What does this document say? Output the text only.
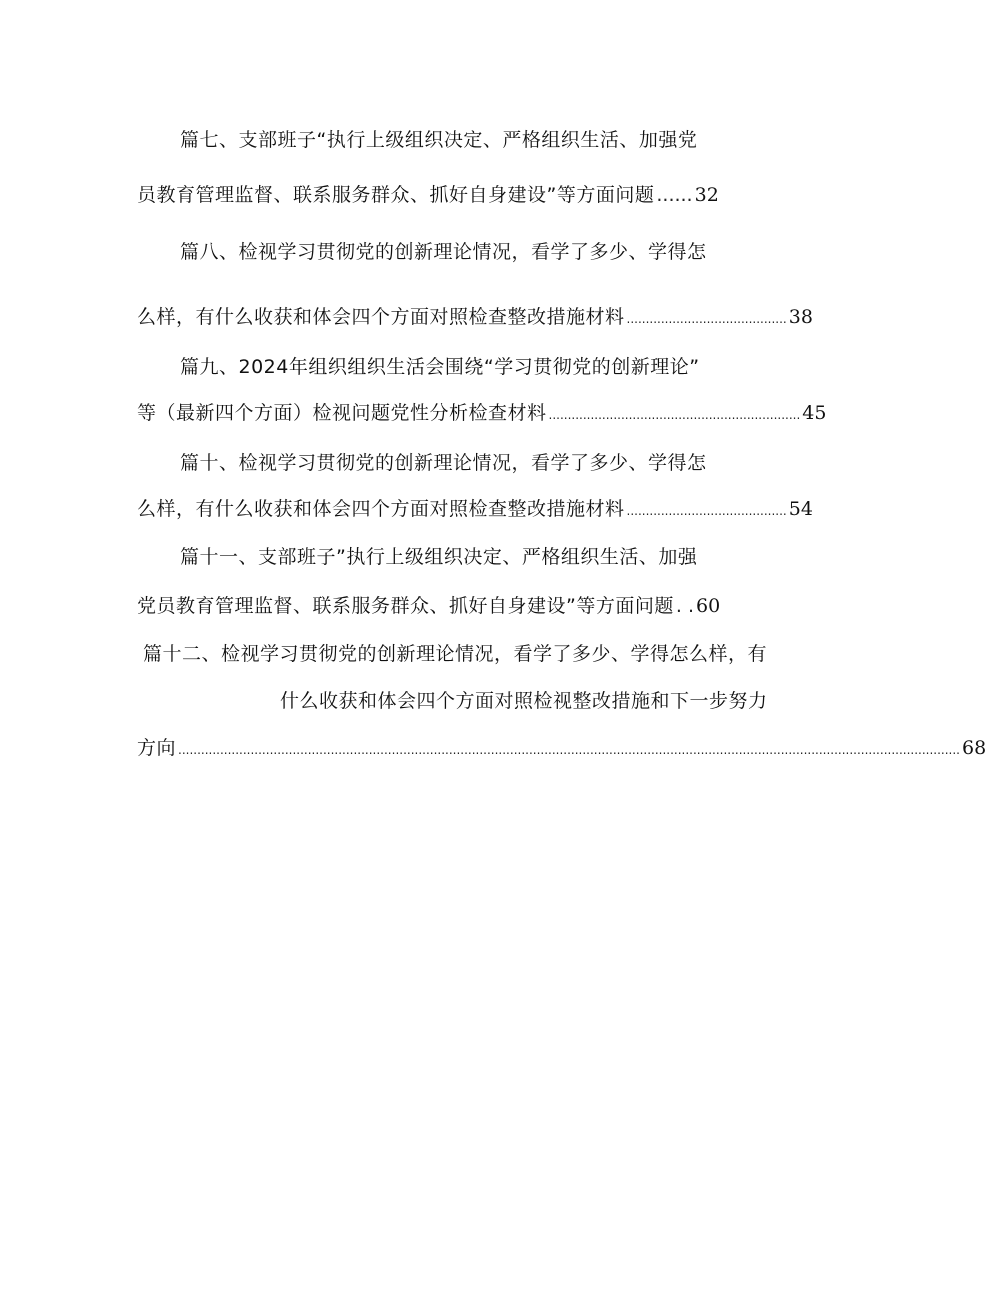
篇七、支部班子“执行上级组织决定、严格组织生活、加强党
员教育管理监督、联系服务群众、抓好自身建设”等方面问题 ...... 32
篇八、检视学习贯彻党的创新理论情况，看学了多少、学得怎
么样，有什么收获和体会四个方面对照检查整改措施材料 .......................................... 38
篇九、2024年组织组织生活会围绕“学习贯彻党的创新理论”
等（最新四个方面）检视问题党性分析检查材料 .................................................................. 45
篇十、检视学习贯彻党的创新理论情况，看学了多少、学得怎
么样，有什么收获和体会四个方面对照检查整改措施材料 .......................................... 54
篇十一、支部班子”执行上级组织决定、严格组织生活、加强
党员教育管理监督、联系服务群众、抓好自身建设”等方面问题 . . 60
篇十二、检视学习贯彻党的创新理论情况，看学了多少、学得怎么样，有
什么收获和体会四个方面对照检视整改措施和下一步努力
方向 ............................................................................................................................................................................................................. 68
